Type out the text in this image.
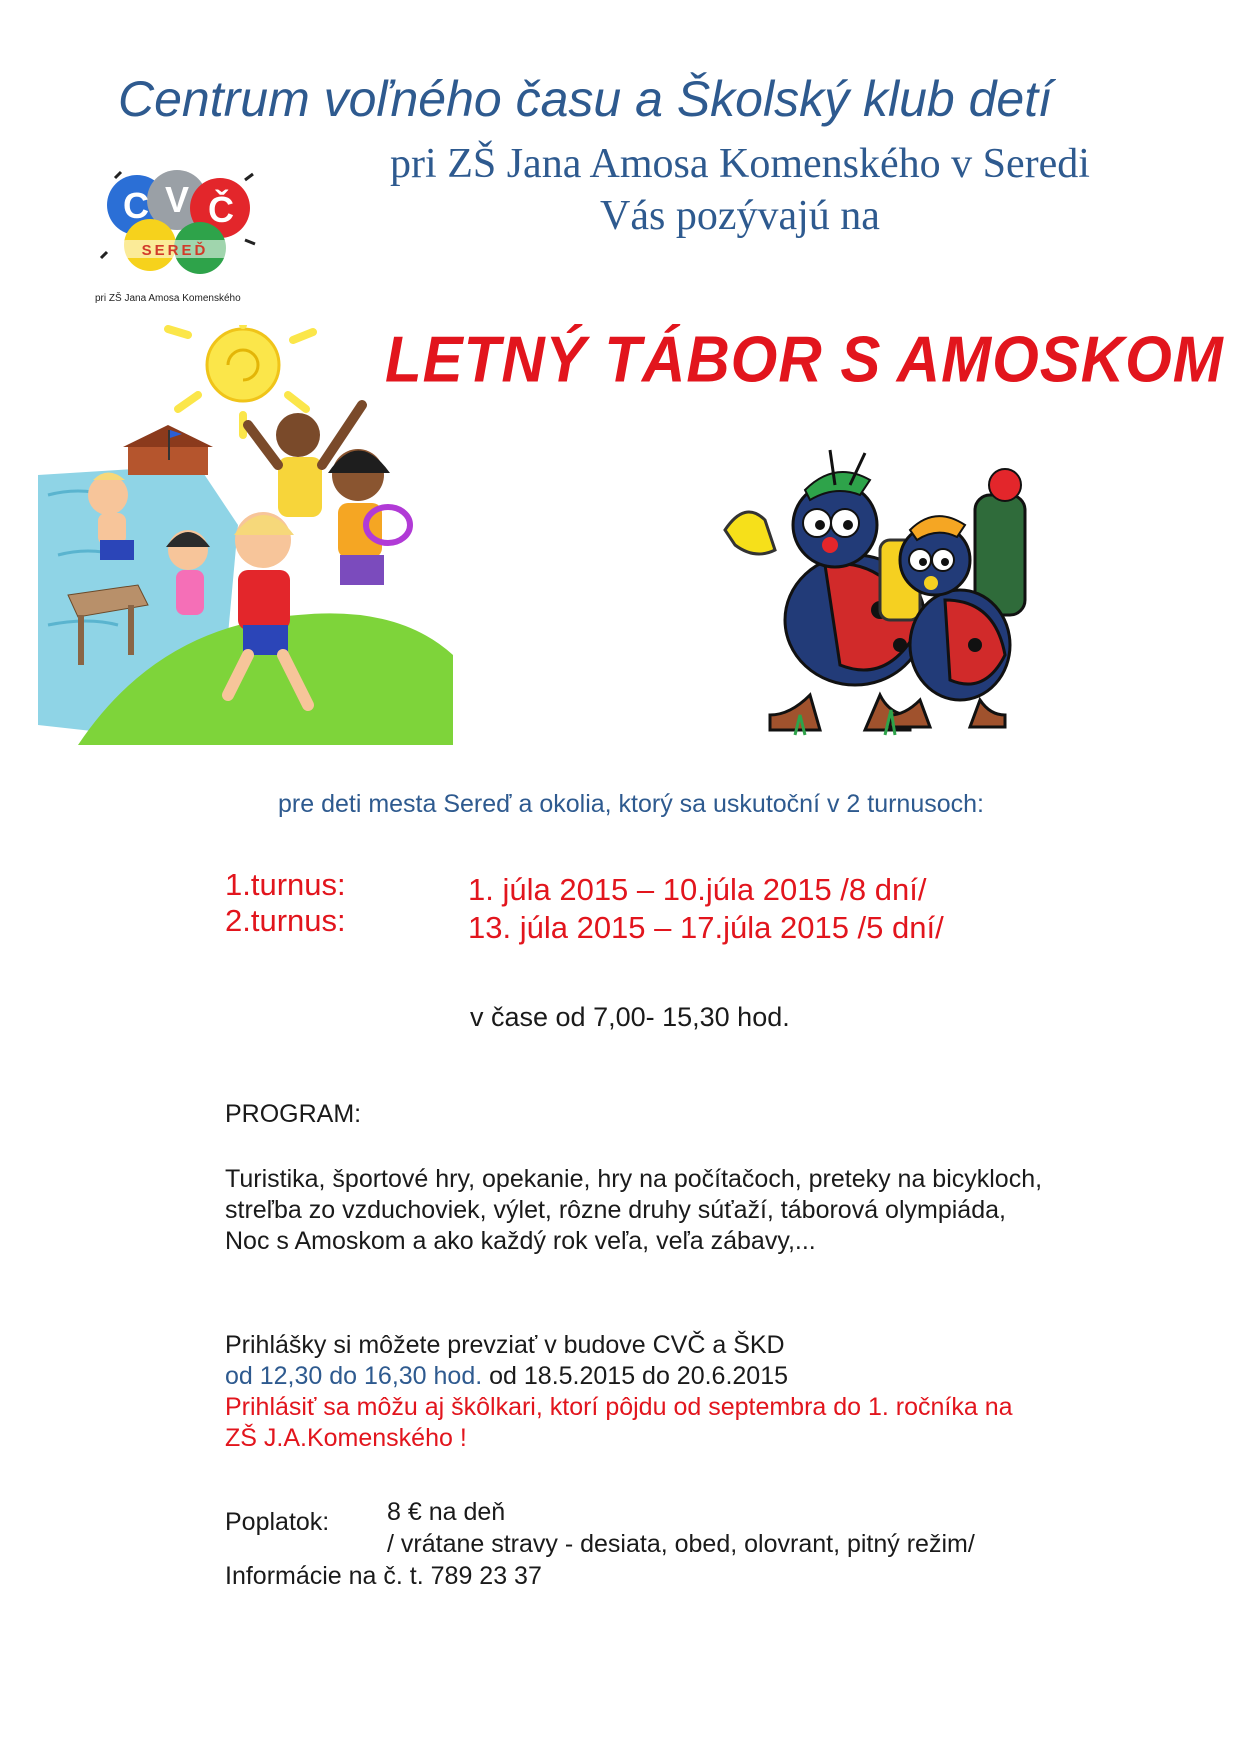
Centrum voľného času a Školský klub detí
pri ZŠ Jana Amosa Komenského v Seredi
Vás pozývajú na
C V Č
SEREĎ
pri ZŠ Jana Amosa Komenského
LETNÝ TÁBOR S AMOSKOM
pre deti mesta Sereď a okolia, ktorý sa uskutoční v 2 turnusoch:
1.turnus:	1. júla 2015 – 10.júla 2015 /8 dní/
2.turnus:	13. júla 2015 – 17.júla 2015 /5 dní/
v čase od 7,00- 15,30 hod.
PROGRAM:
Turistika, športové hry, opekanie, hry na počítačoch, preteky na bicykloch,
streľba zo vzduchoviek, výlet, rôzne druhy súťaží, táborová olympiáda,
Noc s Amoskom a ako každý rok veľa, veľa zábavy,...
Prihlášky si môžete prevziať v budove CVČ a ŠKD
od 12,30 do 16,30 hod. od 18.5.2015 do 20.6.2015
Prihlásiť sa môžu aj škôlkari, ktorí pôjdu od septembra do 1. ročníka na
ZŠ J.A.Komenského !
Poplatok: 8 € na deň
/ vrátane stravy - desiata, obed, olovrant, pitný režim/
Informácie na č. t. 789 23 37
